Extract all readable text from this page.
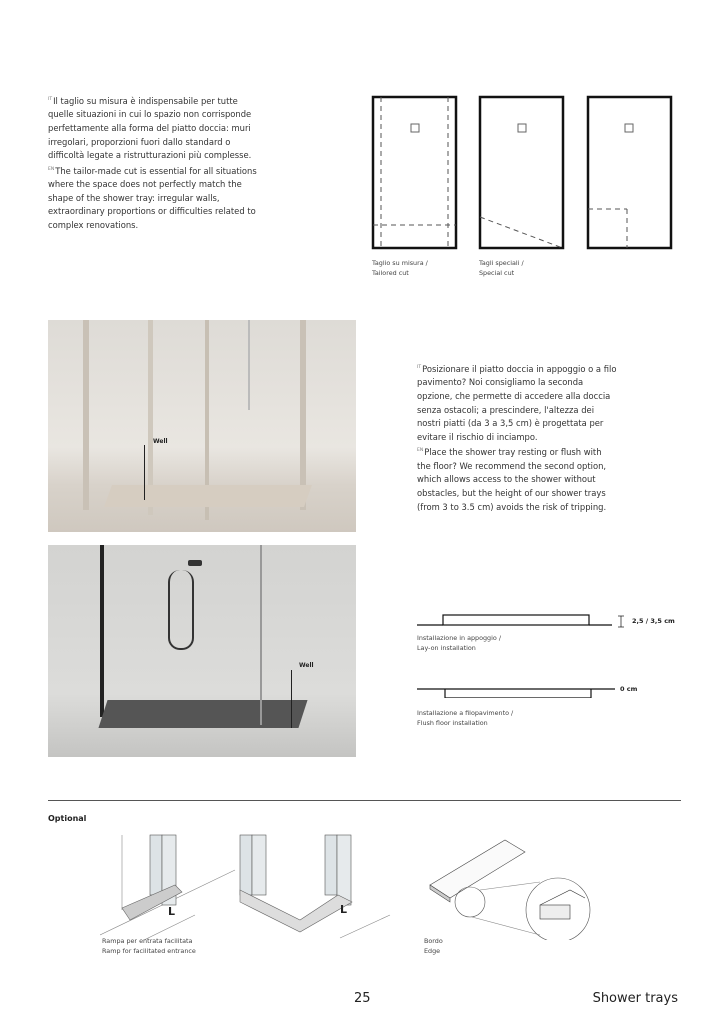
$^{IT}$Il taglio su misura è indispensabile per tutte quelle situazioni in cui lo spazio non corrisponde perfettamente alla forma del piatto doccia: muri irregolari, proporzioni fuori dallo standard o difficoltà legate a ristrutturazioni più complesse.
$^{EN}$The tailor-made cut is essential for all situations where the space does not perfectly match the shape of the shower tray: irregular walls, extraordinary proportions or difficulties related to complex renovations.
Taglio su misura /
Tailored cut
Tagli speciali /
Special cut
Well
Well
$^{IT}$Posizionare il piatto doccia in appoggio o a filo pavimento? Noi consigliamo la seconda opzione, che permette di accedere alla doccia senza ostacoli; a prescindere, l'altezza dei nostri piatti (da 3 a 3,5 cm) è progettata per evitare il rischio di inciampo.
$^{EN}$Place the shower tray resting or flush with the floor? We recommend the second option, which allows access to the shower without obstacles, but the height of our shower trays (from 3 to 3.5 cm) avoids the risk of tripping.
2,5 / 3,5 cm
0 cm
Installazione in appoggio /
Lay-on installation
Installazione a filopavimento /
Flush floor installation
Optional
L	L
Rampa per entrata facilitata
Ramp for facilitated entrance
Bordo
Edge
25	Shower trays
